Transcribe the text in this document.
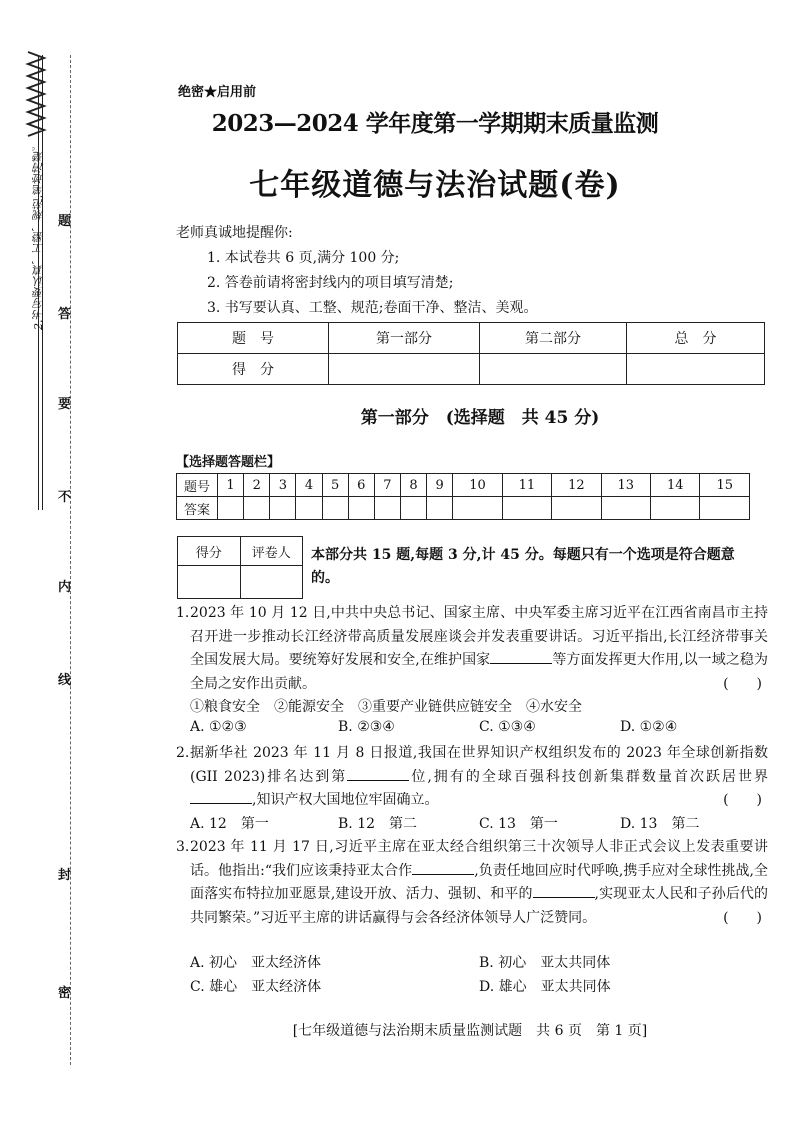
2.书写要认真、工整、规范,笔迹清楚。	题
答
要
不
内
线
封
密
绝密★启用前
2023—2024 学年度第一学期期末质量监测
七年级道德与法治试题(卷)
老师真诚地提醒你:
1. 本试卷共 6 页,满分 100 分;
2. 答卷前请将密封线内的项目填写清楚;
3. 书写要认真、工整、规范;卷面干净、整洁、美观。
题　号	第一部分	第二部分	总　分
得　分			
第一部分　(选择题　共 45 分)
【选择题答题栏】
题号	1	2	3	4	5	6	7	8	9	10	11	12	13	14	15
答案															
得分	评卷人
	本部分共 15 题,每题 3 分,计 45 分。每题只有一个选项是符合题意的。
1. 2023 年 10 月 12 日,中共中央总书记、国家主席、中央军委主席习近平在江西省南昌市主持召开进一步推动长江经济带高质量发展座谈会并发表重要讲话。习近平指出,长江经济带事关全国发展大局。要统筹好发展和安全,在维护国家	等方面发挥更大作用,以一域之稳为全局之安作出贡献。	(　　)
①粮食安全　②能源安全　③重要产业链供应链安全　④水安全
A. ①②③	B. ②③④	C. ①③④	D. ①②④
2. 据新华社 2023 年 11 月 8 日报道,我国在世界知识产权组织发布的 2023 年全球创新指数(GII 2023)排名达到第	位,拥有的全球百强科技创新集群数量首次跃居世界,知识产权大国地位牢固确立。	(　　)
A. 12　第一	B. 12　第二	C. 13　第一	D. 13　第二
3. 2023 年 11 月 17 日,习近平主席在亚太经合组织第三十次领导人非正式会议上发表重要讲话。他指出:“我们应该秉持亚太合作	,负责任地回应时代呼唤,携手应对全球性挑战,全面落实布特拉加亚愿景,建设开放、活力、强韧、和平的	,实现亚太人民和子孙后代的共同繁荣。”习近平主席的讲话赢得与会各经济体领导人广泛赞同。	(　　)
A. 初心　亚太经济体	B. 初心　亚太共同体
C. 雄心　亚太经济体	D. 雄心　亚太共同体
[七年级道德与法治期末质量监测试题　共 6 页　第 1 页]
